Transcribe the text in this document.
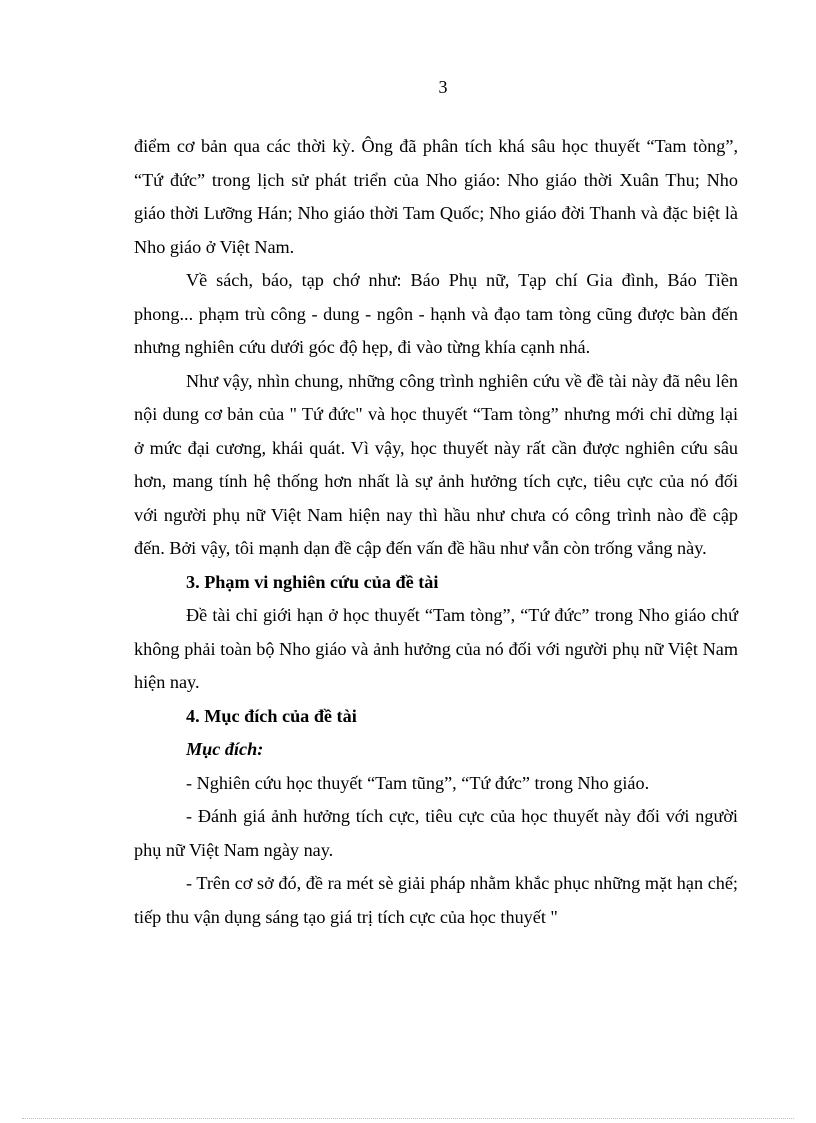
3

điểm cơ bản qua các thời kỳ. Ông đã phân tích khá sâu học thuyết “Tam tòng”, “Tứ đức” trong lịch sử phát triển của Nho giáo: Nho giáo thời Xuân Thu; Nho giáo thời Lưỡng Hán; Nho giáo thời Tam Quốc; Nho giáo đời Thanh và đặc biệt là Nho giáo ở Việt Nam.

Về sách, báo, tạp chớ như: Báo Phụ nữ, Tạp chí Gia đình, Báo Tiền phong... phạm trù công - dung - ngôn - hạnh và đạo tam tòng cũng được bàn đến nhưng nghiên cứu dưới góc độ hẹp, đi vào từng khía cạnh nhá.

Như vậy, nhìn chung, những công trình nghiên cứu về đề tài này đã nêu lên nội dung cơ bản của " Tứ đức" và học thuyết “Tam tòng” nhưng mới chỉ dừng lại ở mức đại cương, khái quát. Vì vậy, học thuyết này rất cần được nghiên cứu sâu hơn, mang tính hệ thống hơn nhất là sự ảnh hưởng tích cực, tiêu cực của nó đối với người phụ nữ Việt Nam hiện nay thì hầu như chưa có công trình nào đề cập đến. Bởi vậy, tôi mạnh dạn đề cập đến vấn đề hầu như vẫn còn trống vắng này.

3. Phạm vi nghiên cứu của đề tài

Đề tài chỉ giới hạn ở học thuyết “Tam tòng”, “Tứ đức” trong Nho giáo chứ không phải toàn bộ Nho giáo và ảnh hưởng của nó đối với người phụ nữ Việt Nam hiện nay.

4. Mục đích của đề tài

Mục đích:

- Nghiên cứu học thuyết “Tam tũng”, “Tứ đức” trong Nho giáo.

- Đánh giá ảnh hưởng tích cực, tiêu cực của học thuyết này đối với người phụ nữ Việt Nam ngày nay.

- Trên cơ sở đó, đề ra mét sè giải pháp nhằm khắc phục những mặt hạn chế; tiếp thu vận dụng sáng tạo giá trị tích cực của học thuyết "
